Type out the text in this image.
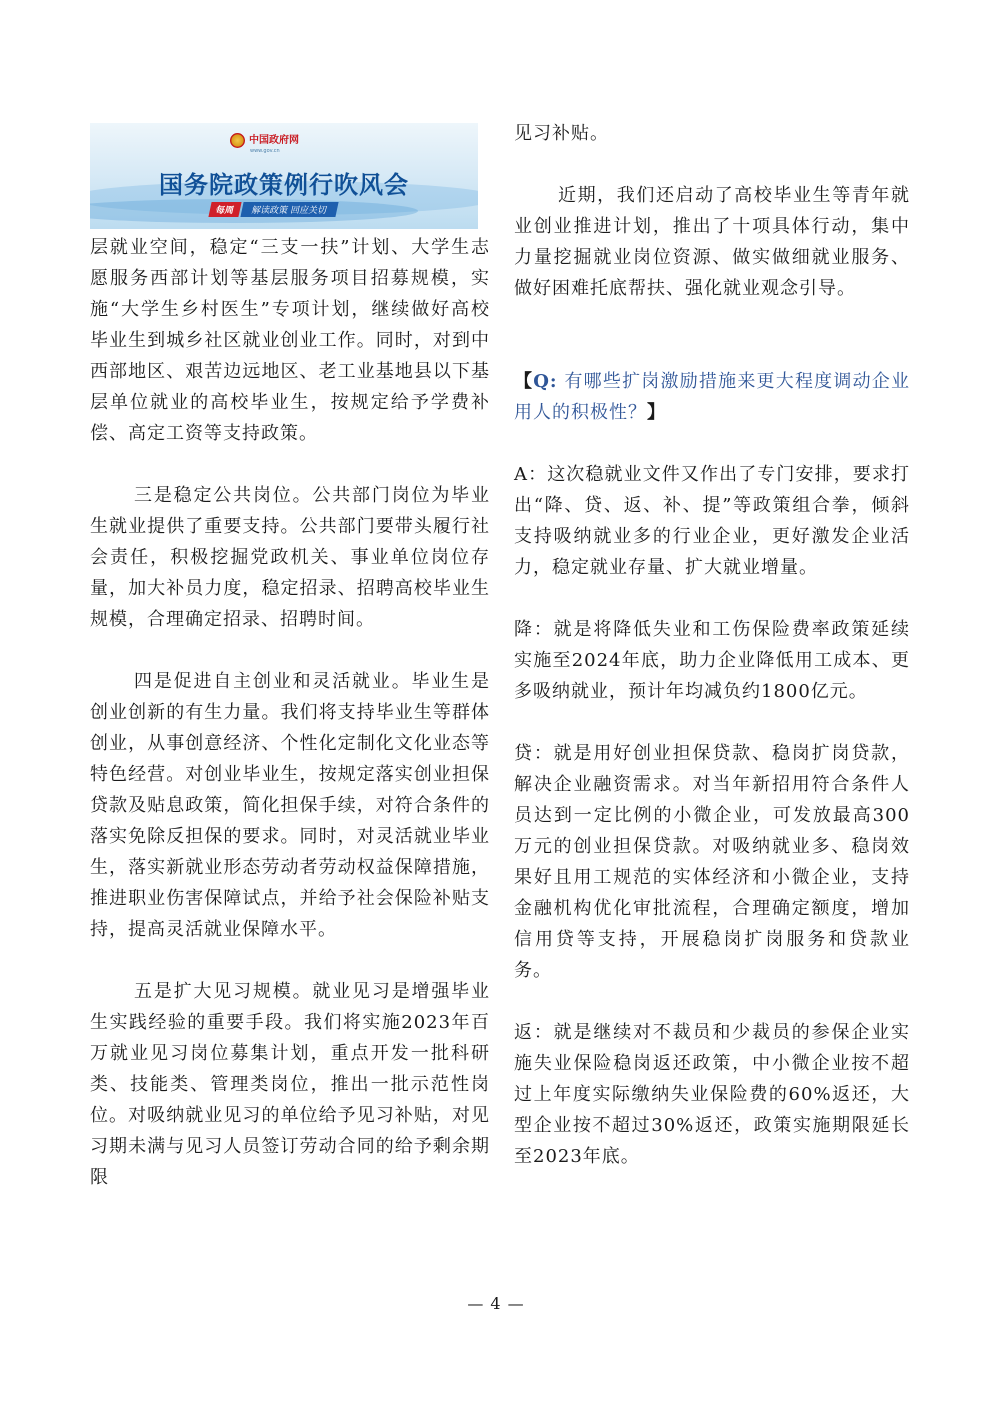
中国政府网
www.gov.cn
国务院政策例行吹风会
每周	解读政策 回应关切

层就业空间，稳定“三支一扶”计划、大学生志愿服务西部计划等基层服务项目招募规模，实施“大学生乡村医生”专项计划，继续做好高校毕业生到城乡社区就业创业工作。同时，对到中西部地区、艰苦边远地区、老工业基地县以下基层单位就业的高校毕业生，按规定给予学费补偿、高定工资等支持政策。

三是稳定公共岗位。公共部门岗位为毕业生就业提供了重要支持。公共部门要带头履行社会责任，积极挖掘党政机关、事业单位岗位存量，加大补员力度，稳定招录、招聘高校毕业生规模，合理确定招录、招聘时间。

四是促进自主创业和灵活就业。毕业生是创业创新的有生力量。我们将支持毕业生等群体创业，从事创意经济、个性化定制化文化业态等特色经营。对创业毕业生，按规定落实创业担保贷款及贴息政策，简化担保手续，对符合条件的落实免除反担保的要求。同时，对灵活就业毕业生，落实新就业形态劳动者劳动权益保障措施，推进职业伤害保障试点，并给予社会保险补贴支持，提高灵活就业保障水平。

五是扩大见习规模。就业见习是增强毕业生实践经验的重要手段。我们将实施2023年百万就业见习岗位募集计划，重点开发一批科研类、技能类、管理类岗位，推出一批示范性岗位。对吸纳就业见习的单位给予见习补贴，对见习期未满与见习人员签订劳动合同的给予剩余期限

见习补贴。

近期，我们还启动了高校毕业生等青年就业创业推进计划，推出了十项具体行动，集中力量挖掘就业岗位资源、做实做细就业服务、做好困难托底帮扶、强化就业观念引导。

【Q: 有哪些扩岗激励措施来更大程度调动企业用人的积极性？】

A：这次稳就业文件又作出了专门安排，要求打出“降、贷、返、补、提”等政策组合拳，倾斜支持吸纳就业多的行业企业，更好激发企业活力，稳定就业存量、扩大就业增量。

降：就是将降低失业和工伤保险费率政策延续实施至2024年底，助力企业降低用工成本、更多吸纳就业，预计年均减负约1800亿元。

贷：就是用好创业担保贷款、稳岗扩岗贷款，解决企业融资需求。对当年新招用符合条件人员达到一定比例的小微企业，可发放最高300万元的创业担保贷款。对吸纳就业多、稳岗效果好且用工规范的实体经济和小微企业，支持金融机构优化审批流程，合理确定额度，增加信用贷等支持，开展稳岗扩岗服务和贷款业务。

返：就是继续对不裁员和少裁员的参保企业实施失业保险稳岗返还政策，中小微企业按不超过上年度实际缴纳失业保险费的60%返还，大型企业按不超过30%返还，政策实施期限延长至2023年底。

— 4 —
